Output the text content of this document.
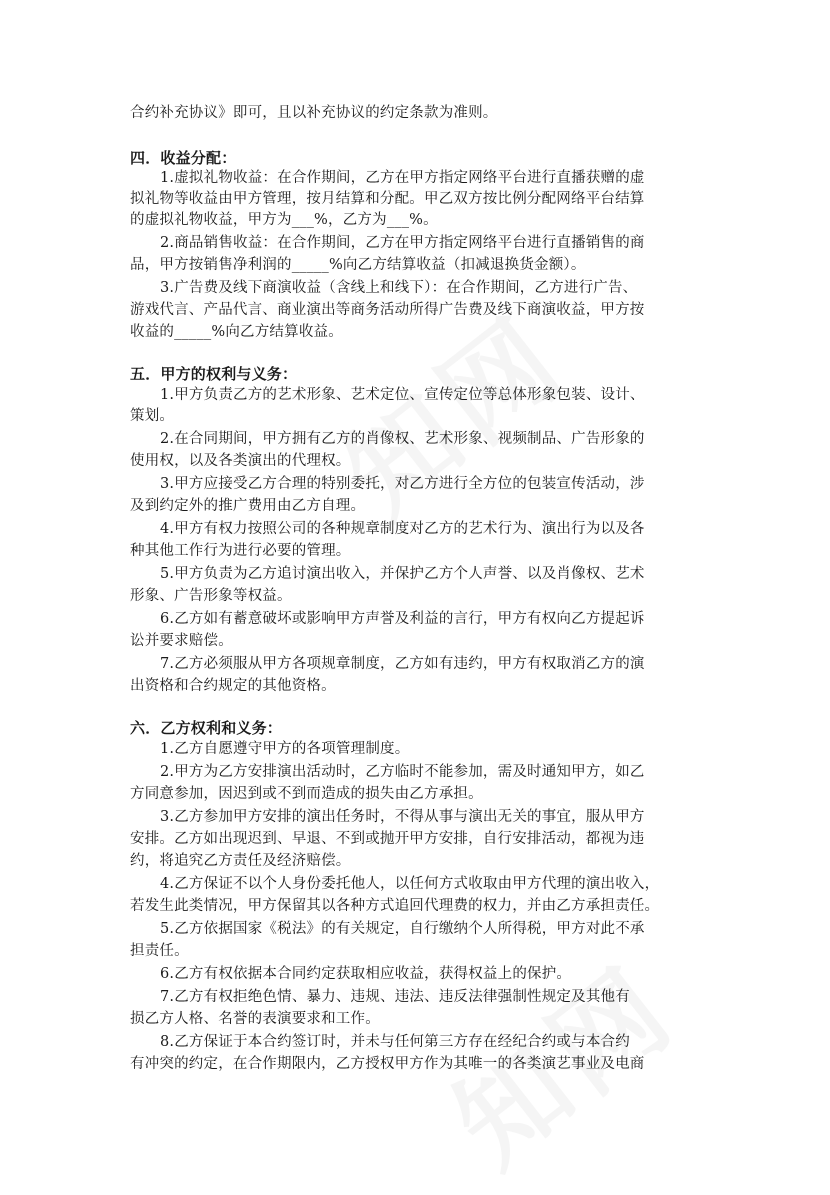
合约补充协议》即可，且以补充协议的约定条款为准则。
四．收益分配：
1.虚拟礼物收益：在合作期间，乙方在甲方指定网络平台进行直播获赠的虚
拟礼物等收益由甲方管理，按月结算和分配。甲乙双方按比例分配网络平台结算
的虚拟礼物收益，甲方为___%，乙方为___%。
2.商品销售收益：在合作期间，乙方在甲方指定网络平台进行直播销售的商
品，甲方按销售净利润的_____%向乙方结算收益（扣减退换货金额）。
3.广告费及线下商演收益（含线上和线下）：在合作期间，乙方进行广告、
游戏代言、产品代言、商业演出等商务活动所得广告费及线下商演收益，甲方按
收益的_____%向乙方结算收益。
五．甲方的权利与义务：
1.甲方负责乙方的艺术形象、艺术定位、宣传定位等总体形象包装、设计、
策划。
2.在合同期间，甲方拥有乙方的肖像权、艺术形象、视频制品、广告形象的
使用权，以及各类演出的代理权。
3.甲方应接受乙方合理的特别委托，对乙方进行全方位的包装宣传活动，涉
及到约定外的推广费用由乙方自理。
4.甲方有权力按照公司的各种规章制度对乙方的艺术行为、演出行为以及各
种其他工作行为进行必要的管理。
5.甲方负责为乙方追讨演出收入，并保护乙方个人声誉、以及肖像权、艺术
形象、广告形象等权益。
6.乙方如有蓄意破坏或影响甲方声誉及利益的言行，甲方有权向乙方提起诉
讼并要求赔偿。
7.乙方必须服从甲方各项规章制度，乙方如有违约，甲方有权取消乙方的演
出资格和合约规定的其他资格。
六．乙方权利和义务：
1.乙方自愿遵守甲方的各项管理制度。
2.甲方为乙方安排演出活动时，乙方临时不能参加，需及时通知甲方，如乙
方同意参加，因迟到或不到而造成的损失由乙方承担。
3.乙方参加甲方安排的演出任务时，不得从事与演出无关的事宜，服从甲方
安排。乙方如出现迟到、早退、不到或抛开甲方安排，自行安排活动，都视为违
约，将追究乙方责任及经济赔偿。
4.乙方保证不以个人身份委托他人，以任何方式收取由甲方代理的演出收入，
若发生此类情况，甲方保留其以各种方式追回代理费的权力，并由乙方承担责任。
5.乙方依据国家《税法》的有关规定，自行缴纳个人所得税，甲方对此不承
担责任。
6.乙方有权依据本合同约定获取相应收益，获得权益上的保护。
7.乙方有权拒绝色情、暴力、违规、违法、违反法律强制性规定及其他有
损乙方人格、名誉的表演要求和工作。
8.乙方保证于本合约签订时，并未与任何第三方存在经纪合约或与本合约
有冲突的约定，在合作期限内，乙方授权甲方作为其唯一的各类演艺事业及电商
